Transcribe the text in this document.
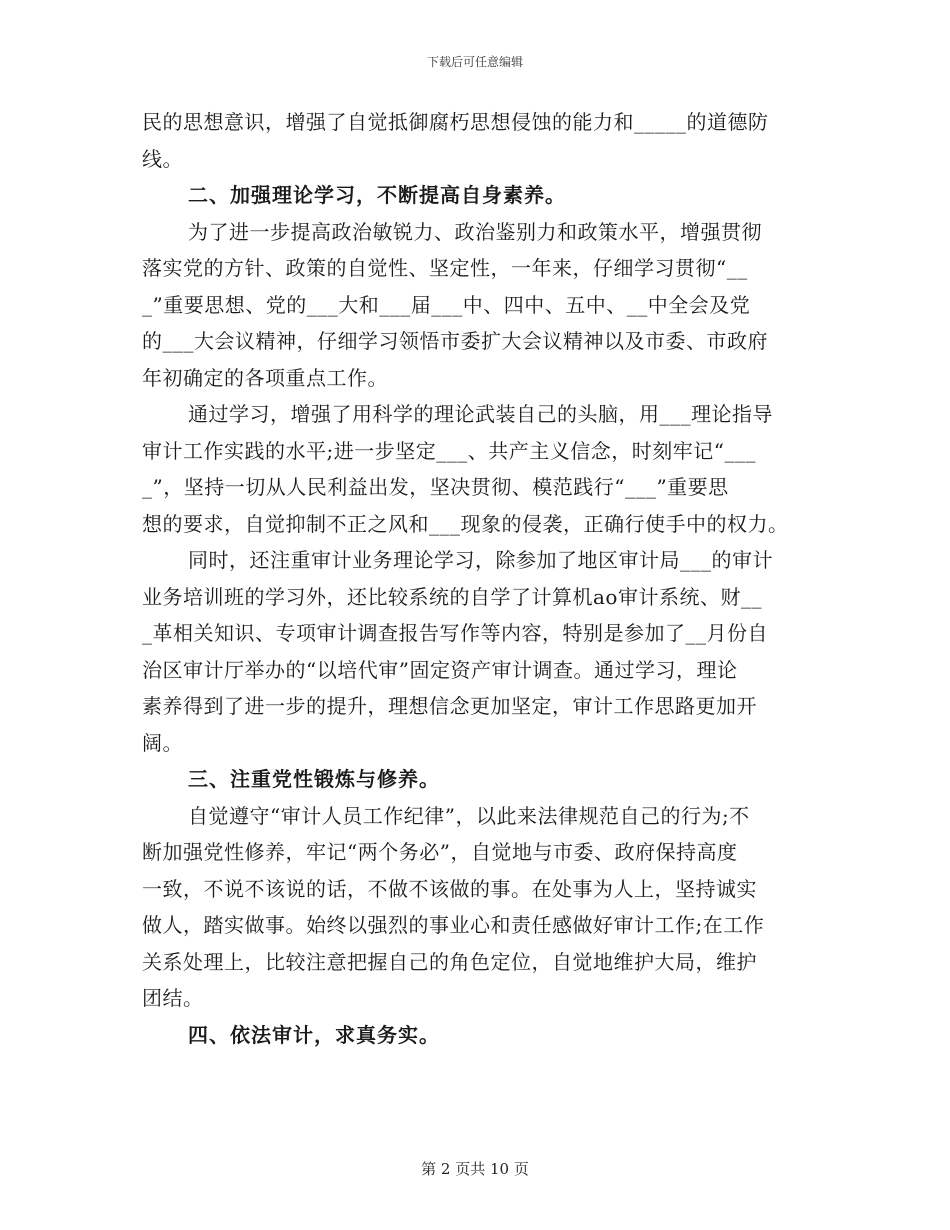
下载后可任意编辑
民的思想意识，增强了自觉抵御腐朽思想侵蚀的能力和_____的道德防
线。
二、加强理论学习，不断提高自身素养。
为了进一步提高政治敏锐力、政治鉴别力和政策水平，增强贯彻
落实党的方针、政策的自觉性、坚定性，一年来，仔细学习贯彻“__
_”重要思想、党的___大和___届___中、四中、五中、__中全会及党
的___大会议精神，仔细学习领悟市委扩大会议精神以及市委、市政府
年初确定的各项重点工作。
通过学习，增强了用科学的理论武装自己的头脑，用___理论指导
审计工作实践的水平;进一步坚定___、共产主义信念，时刻牢记“___
_”，坚持一切从人民利益出发，坚决贯彻、模范践行“___”重要思
想的要求，自觉抑制不正之风和___现象的侵袭，正确行使手中的权力。
同时，还注重审计业务理论学习，除参加了地区审计局___的审计
业务培训班的学习外，还比较系统的自学了计算机ao审计系统、财__
_革相关知识、专项审计调查报告写作等内容，特别是参加了__月份自
治区审计厅举办的“以培代审”固定资产审计调查。通过学习，理论
素养得到了进一步的提升，理想信念更加坚定，审计工作思路更加开
阔。
三、注重党性锻炼与修养。
自觉遵守“审计人员工作纪律”，以此来法律规范自己的行为;不
断加强党性修养，牢记“两个务必”，自觉地与市委、政府保持高度
一致，不说不该说的话，不做不该做的事。在处事为人上，坚持诚实
做人，踏实做事。始终以强烈的事业心和责任感做好审计工作;在工作
关系处理上，比较注意把握自己的角色定位，自觉地维护大局，维护
团结。
四、依法审计，求真务实。
第 2 页共 10 页
